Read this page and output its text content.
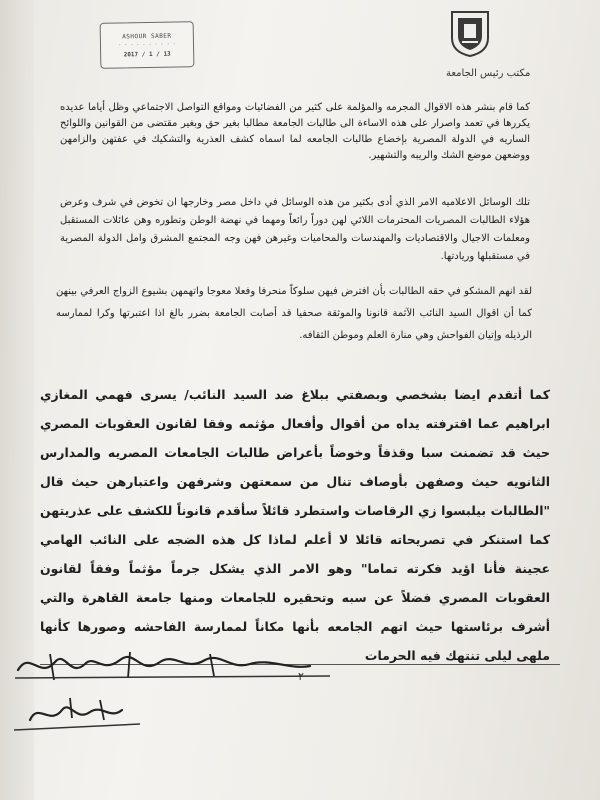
ASHOUR SABER
· · · · · · · · · ·
2017 / 1 / 13
مكتب رئيس الجامعة
كما قام بنشر هذه الاقوال المجرمه والمؤلمة على كثير من الفضائيات ومواقع التواصل الاجتماعي وظل أياما عديده يكررها في تعمد واصرار على هذه الاساءة الى طالبات الجامعة مطالبا بغير حق وبغير مقتضى من القوانين واللوائح الساريه في الدولة المصرية بإخضاع طالبات الجامعه لما اسماه كشف العذرية والتشكيك في عفتهن والزامهن ووضعهن موضع الشك والريبه والتشهير.
تلك الوسائل الاعلاميه الامر الذي أدى بكثير من هذه الوسائل في داخل مصر وخارجها ان تخوض في شرف وعرض هؤلاء الطالبات المصريات المحترمات اللائي لهن دوراً رائعاً ومهما في نهضة الوطن وتطوره وهن عائلات المستقبل ومعلمات الاجيال والاقتصاديات والمهندسات والمحاميات وغيرهن فهن وجه المجتمع المشرق وامل الدولة المصرية في مستقبلها وريادتها.
لقد انهم المشكو في حقه الطالبات بأن افترض فيهن سلوكاً منحرفا وفعلا معوجا واتهمهن بشيوع الزواج العرفي بينهن كما أن اقوال السيد النائب الآثمة قانونا والموثقة صحفيا قد أصابت الجامعة بضرر بالغ اذا اعتبرتها وكرا لممارسه الرذيله وإتيان الفواحش وهي منارة العلم وموطن الثقافه.
كما أتقدم ايضا بشخصي وبصفتي ببلاغ ضد السيد النائب/ يسرى فهمي المغازي ابراهيم عما اقترفته يداه من أقوال وأفعال مؤثمه وفقا لقانون العقوبات المصري حيث قد تضمنت سبا وقذفاً وخوضاً بأعراض طالبات الجامعات المصريه والمدارس الثانويه حيث وصفهن بأوصاف تنال من سمعتهن وشرفهن واعتبارهن حيث قال "الطالبات بيلبسوا زي الرقاصات واستطرد قائلاً سأقدم قانوناً للكشف على عذريتهن كما استنكر في تصريحاته قائلا لا أعلم لماذا كل هذه الضجه على النائب الهامي عجينة فأنا اؤيد فكرته تماما" وهو الامر الذي يشكل جرماً مؤثماً وفقاً لقانون العقوبات المصري فضلاً عن سبه وتحقيره للجامعات ومنها جامعة القاهرة والتي أشرف برئاستها حيث اتهم الجامعه بأنها مكاناً لممارسة الفاحشه وصورها كأنها ملهى ليلى تنتهك فيه الحرمات
٢
